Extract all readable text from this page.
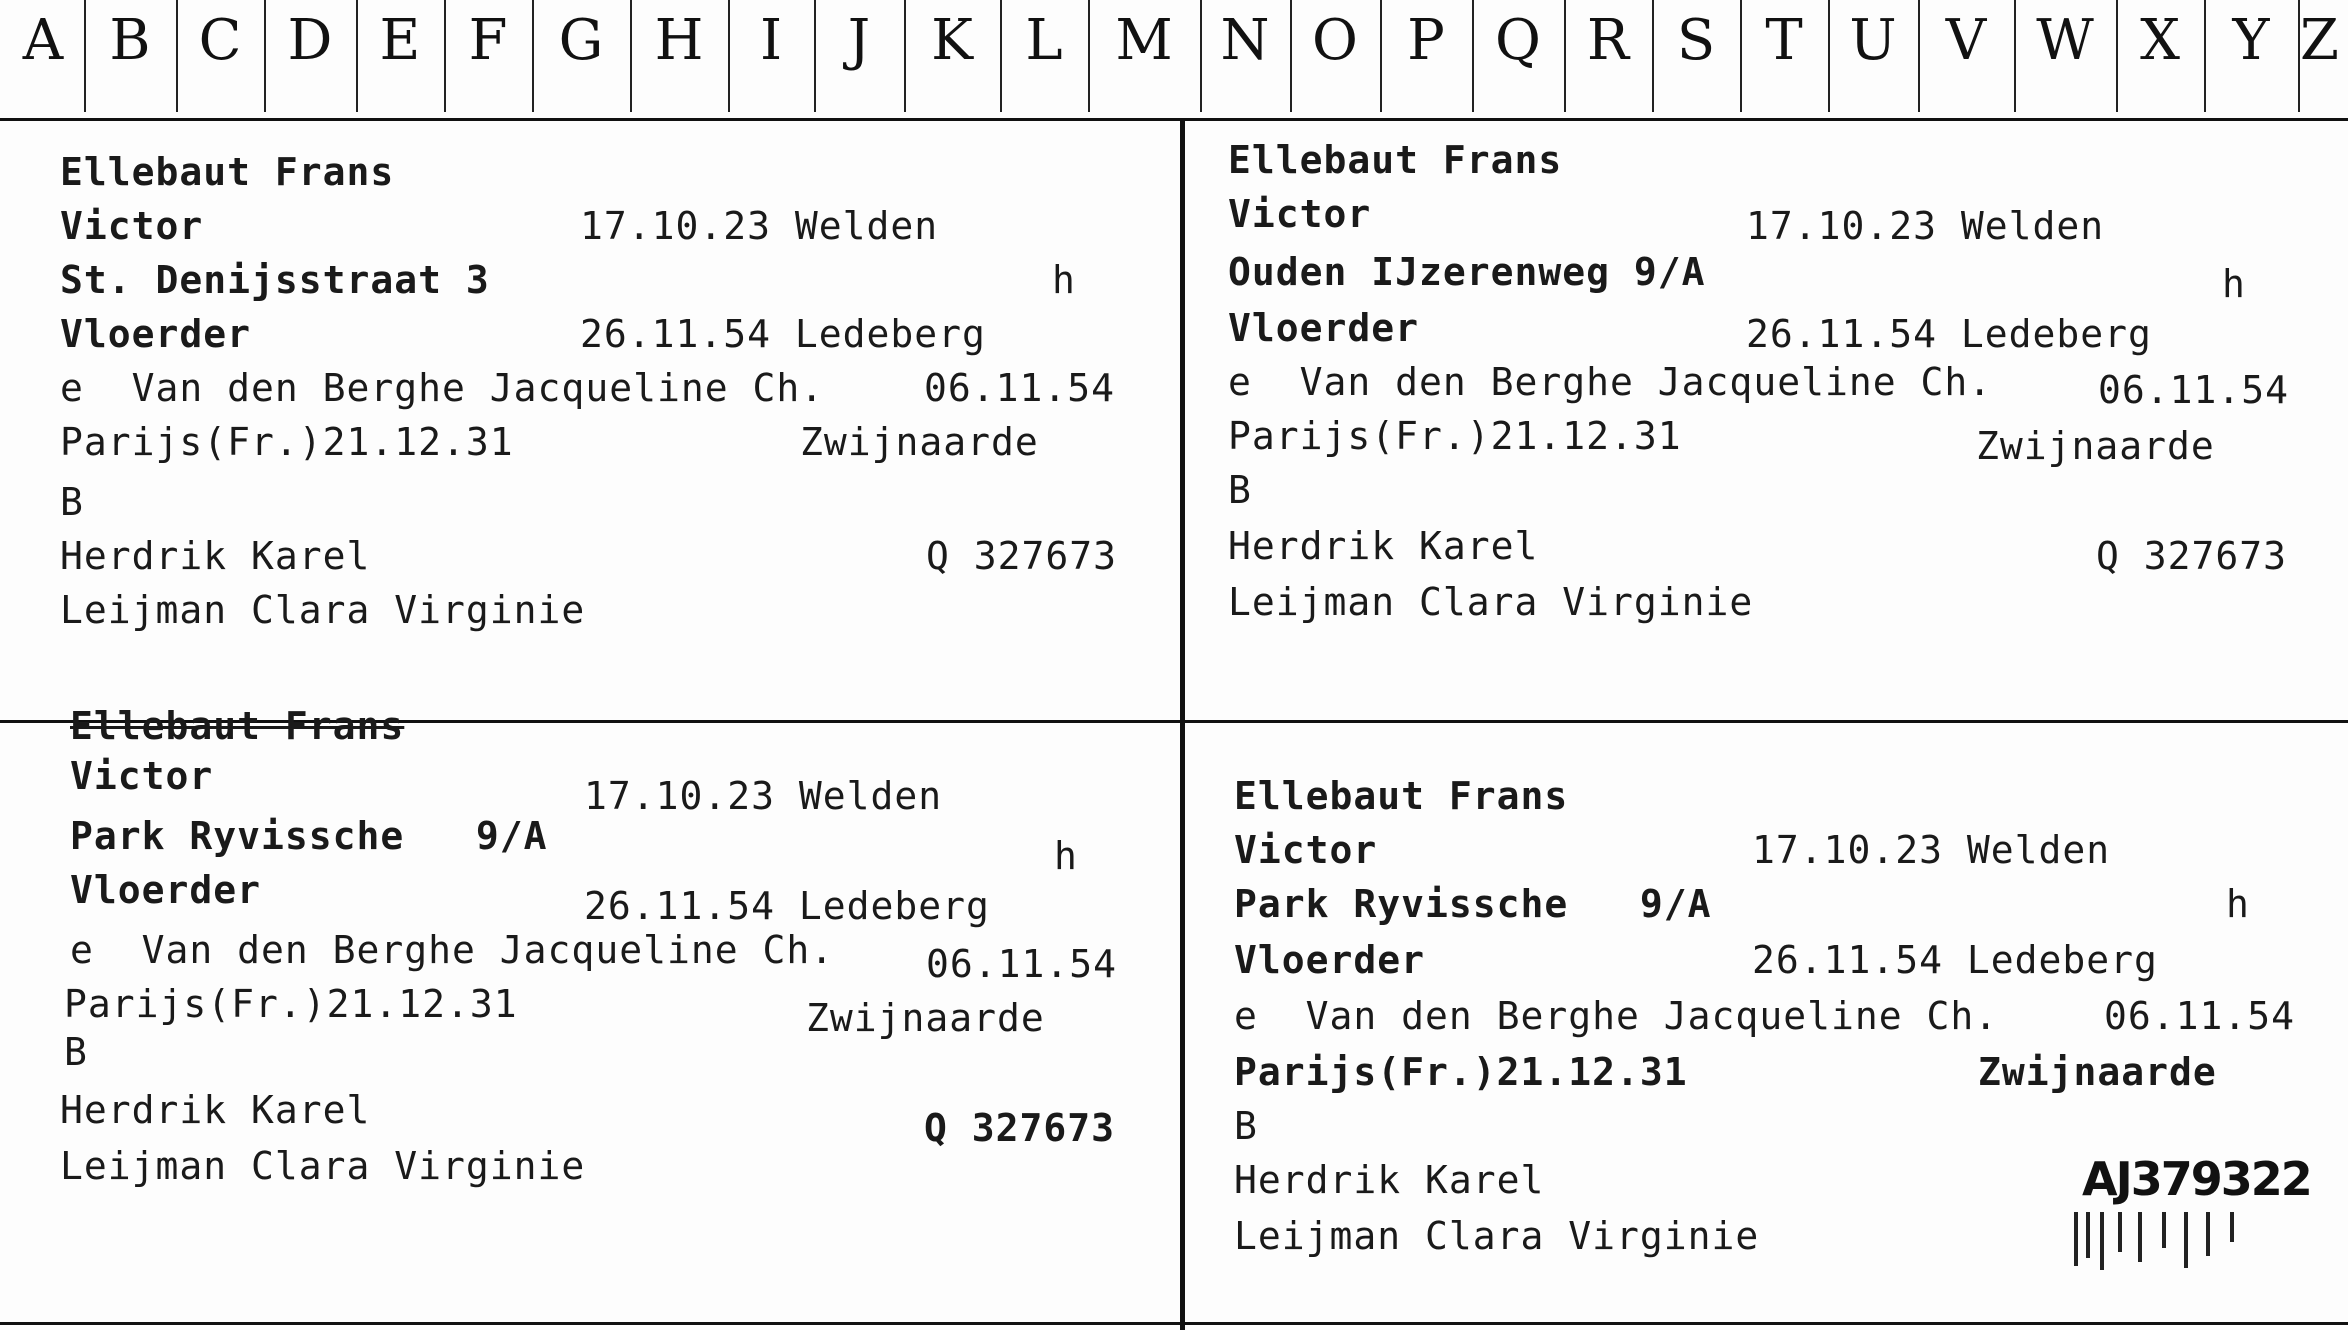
A B C D E F G H	I	J	K L M N O P Q R S T U V W X Y Z
Ellebaut Frans
Victor	17.10.23 Welden
St. Denijsstraat 3	h
Vloerder	26.11.54 Ledeberg
e  Van den Berghe Jacqueline Ch.	06.11.54
Parijs(Fr.)21.12.31	Zwijnaarde
B
Herdrik Karel	Q 327673
Leijman Clara Virginie
Ellebaut Frans
Victor	17.10.23 Welden
Ouden IJzerenweg 9/A	h
Vloerder	26.11.54 Ledeberg
e  Van den Berghe Jacqueline Ch.	06.11.54
Parijs(Fr.)21.12.31	Zwijnaarde
B
Herdrik Karel	Q 327673
Leijman Clara Virginie
Ellebaut Frans
Victor	17.10.23 Welden
Park Ryvissche   9/A	h
Vloerder	26.11.54 Ledeberg
e  Van den Berghe Jacqueline Ch. 06.11.54
Parijs(Fr.)21.12.31	Zwijnaarde
B
Herdrik Karel	Q 327673
Leijman Clara Virginie
Ellebaut Frans
Victor	17.10.23 Welden
Park Ryvissche   9/A	h
Vloerder	26.11.54 Ledeberg
e  Van den Berghe Jacqueline Ch.	06.11.54
Parijs(Fr.)21.12.31	Zwijnaarde
B
Herdrik Karel	AJ379322
Leijman Clara Virginie
